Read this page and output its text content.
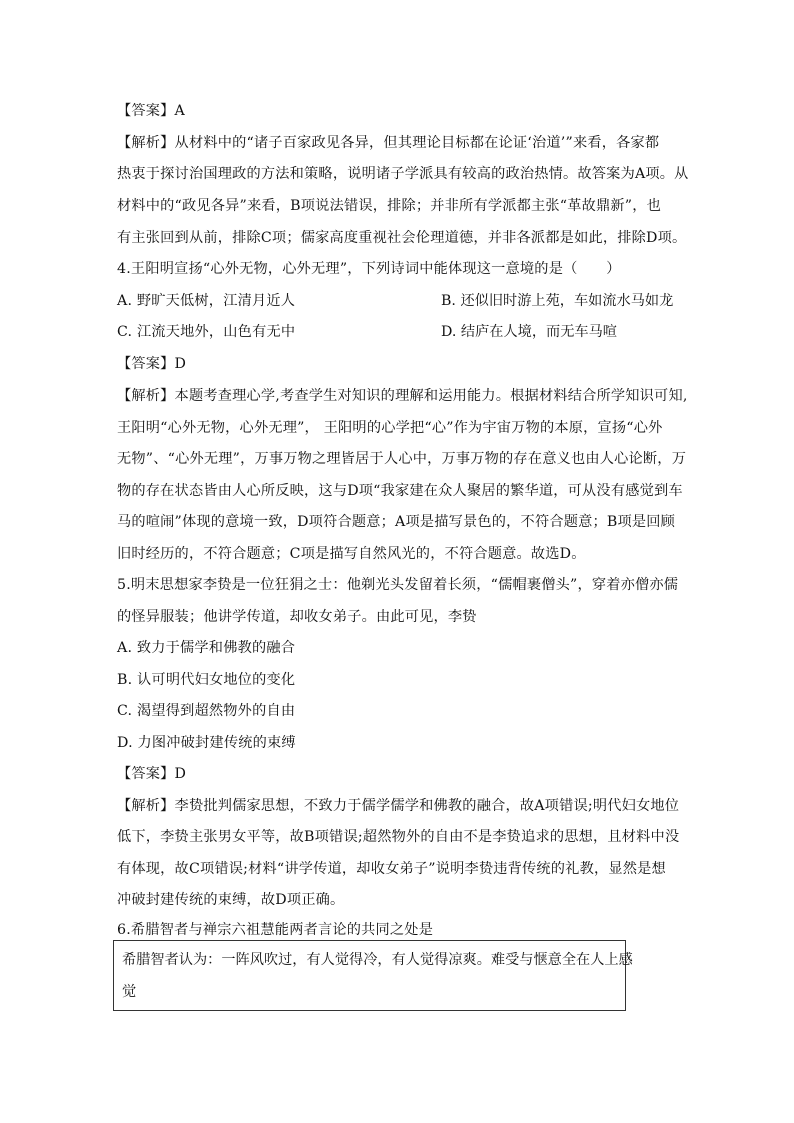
【答案】A
【解析】从材料中的“诸子百家政见各异，但其理论目标都在论证‘治道’”来看，各家都
热衷于探讨治国理政的方法和策略，说明诸子学派具有较高的政治热情。故答案为A项。从
材料中的“政见各异”来看，B项说法错误，排除；并非所有学派都主张“革故鼎新”，也
有主张回到从前，排除C项；儒家高度重视社会伦理道德，并非各派都是如此，排除D项。
4.王阳明宣扬“心外无物，心外无理”，下列诗词中能体现这一意境的是（　　）
A. 野旷天低树，江清月近人	B. 还似旧时游上苑，车如流水马如龙
C. 江流天地外，山色有无中	D. 结庐在人境，而无车马喧
【答案】D
【解析】本题考查理心学,考查学生对知识的理解和运用能力。根据材料结合所学知识可知,
王阳明“心外无物，心外无理”， 王阳明的心学把“心”作为宇宙万物的本原，宣扬“心外
无物”、“心外无理”，万事万物之理皆居于人心中，万事万物的存在意义也由人心论断，万
物的存在状态皆由人心所反映，这与D项“我家建在众人聚居的繁华道，可从没有感觉到车
马的喧闹”体现的意境一致，D项符合题意；A项是描写景色的，不符合题意；B项是回顾
旧时经历的，不符合题意；C项是描写自然风光的，不符合题意。故选D。
5.明末思想家李贽是一位狂狷之士：他剃光头发留着长须，“儒帽裹僧头”，穿着亦僧亦儒
的怪异服装；他讲学传道，却收女弟子。由此可见，李贽
A. 致力于儒学和佛教的融合
B. 认可明代妇女地位的变化
C. 渴望得到超然物外的自由
D. 力图冲破封建传统的束缚
【答案】D
【解析】李贽批判儒家思想，不致力于儒学儒学和佛教的融合，故A项错误;明代妇女地位
低下，李贽主张男女平等，故B项错误;超然物外的自由不是李贽追求的思想，且材料中没
有体现，故C项错误;材料“讲学传道，却收女弟子”说明李贽违背传统的礼教，显然是想
冲破封建传统的束缚，故D项正确。
6.希腊智者与禅宗六祖慧能两者言论的共同之处是
希腊智者认为：一阵风吹过，有人觉得冷，有人觉得凉爽。难受与惬意全在人上感
觉
